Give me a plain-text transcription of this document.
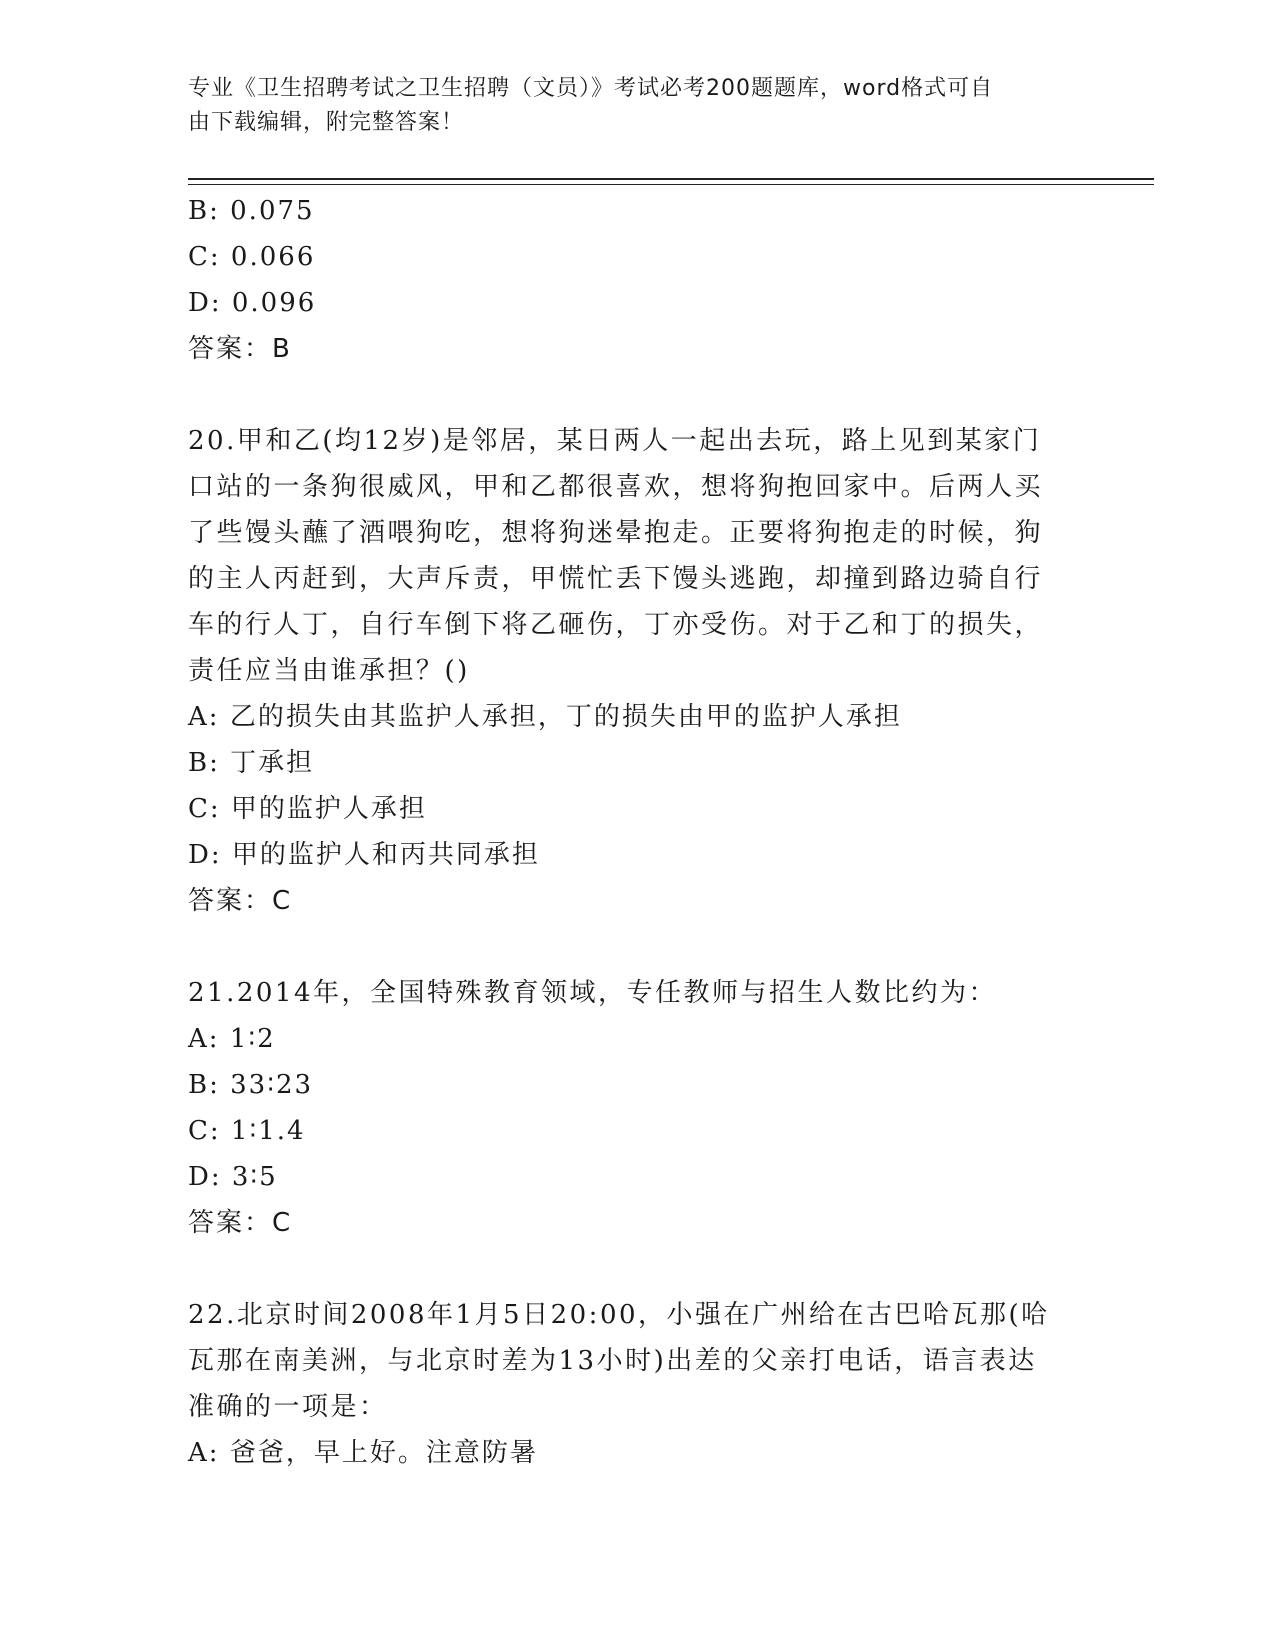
专业《卫生招聘考试之卫生招聘（文员）》考试必考200题题库，word格式可自
由下载编辑，附完整答案！
B: 0.075
C: 0.066
D: 0.096
答案：B
20.甲和乙(均12岁)是邻居，某日两人一起出去玩，路上见到某家门
口站的一条狗很威风，甲和乙都很喜欢，想将狗抱回家中。后两人买
了些馒头蘸了酒喂狗吃，想将狗迷晕抱走。正要将狗抱走的时候，狗
的主人丙赶到，大声斥责，甲慌忙丢下馒头逃跑，却撞到路边骑自行
车的行人丁，自行车倒下将乙砸伤，丁亦受伤。对于乙和丁的损失，
责任应当由谁承担？()
A: 乙的损失由其监护人承担，丁的损失由甲的监护人承担
B: 丁承担
C: 甲的监护人承担
D: 甲的监护人和丙共同承担
答案：C
21.2014年，全国特殊教育领域，专任教师与招生人数比约为：
A: 1∶2
B: 33∶23
C: 1∶1.4
D: 3∶5
答案：C
22.北京时间2008年1月5日20:00，小强在广州给在古巴哈瓦那(哈
瓦那在南美洲，与北京时差为13小时)出差的父亲打电话，语言表达
准确的一项是：
A: 爸爸，早上好。注意防暑
